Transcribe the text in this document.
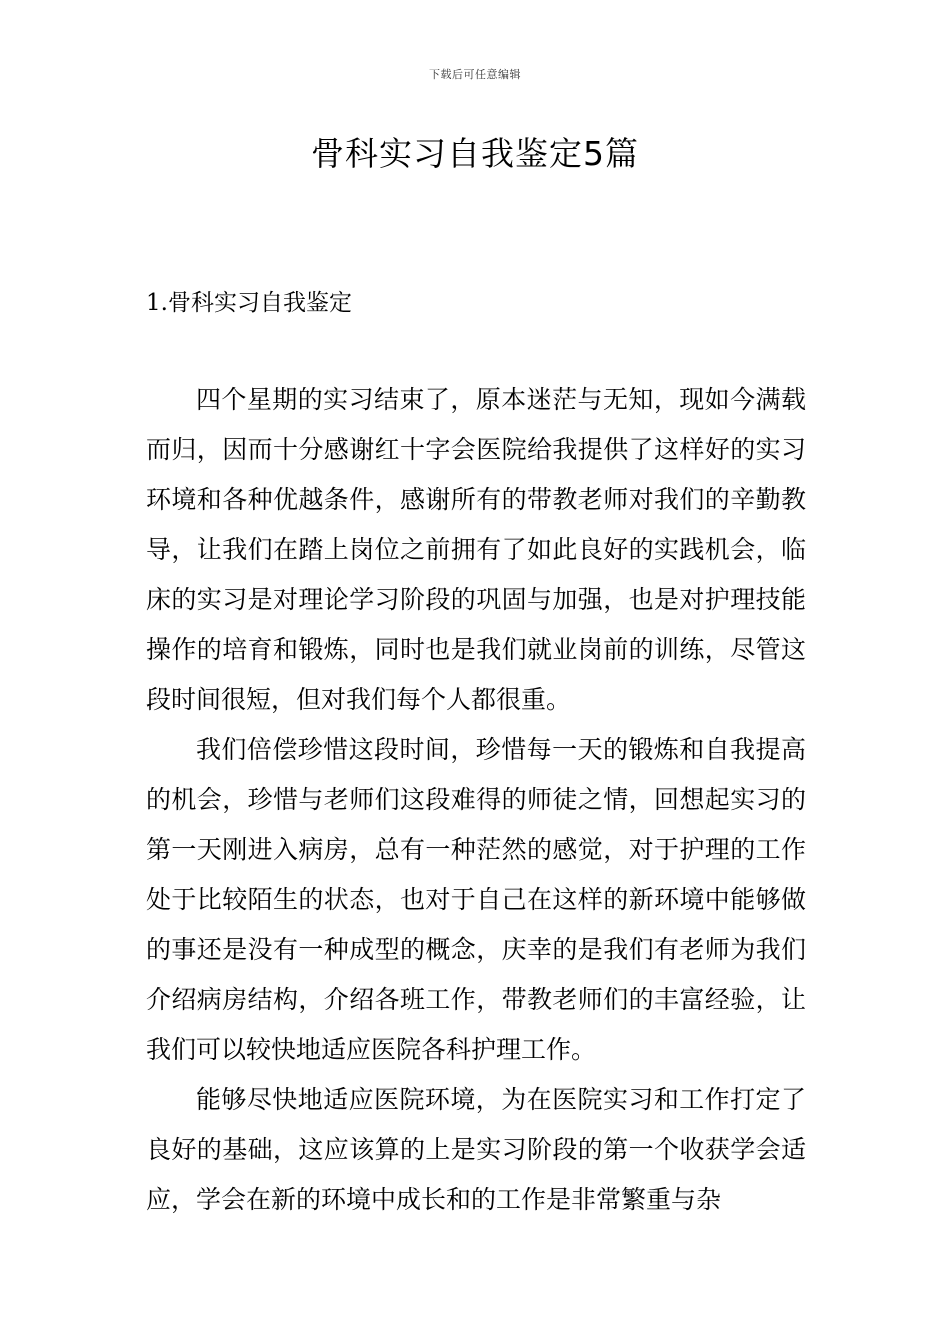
下载后可任意编辑
骨科实习自我鉴定5篇
1.骨科实习自我鉴定

四个星期的实习结束了，原本迷茫与无知，现如今满载而归，因而十分感谢红十字会医院给我提供了这样好的实习环境和各种优越条件，感谢所有的带教老师对我们的辛勤教导，让我们在踏上岗位之前拥有了如此良好的实践机会，临床的实习是对理论学习阶段的巩固与加强，也是对护理技能操作的培育和锻炼，同时也是我们就业岗前的训练，尽管这段时间很短，但对我们每个人都很重。

我们倍偿珍惜这段时间，珍惜每一天的锻炼和自我提高的机会，珍惜与老师们这段难得的师徒之情，回想起实习的第一天刚进入病房，总有一种茫然的感觉，对于护理的工作处于比较陌生的状态，也对于自己在这样的新环境中能够做的事还是没有一种成型的概念，庆幸的是我们有老师为我们介绍病房结构，介绍各班工作，带教老师们的丰富经验，让我们可以较快地适应医院各科护理工作。

能够尽快地适应医院环境，为在医院实习和工作打定了良好的基础，这应该算的上是实习阶段的第一个收获学会适应，学会在新的环境中成长和的工作是非常繁重与杂
